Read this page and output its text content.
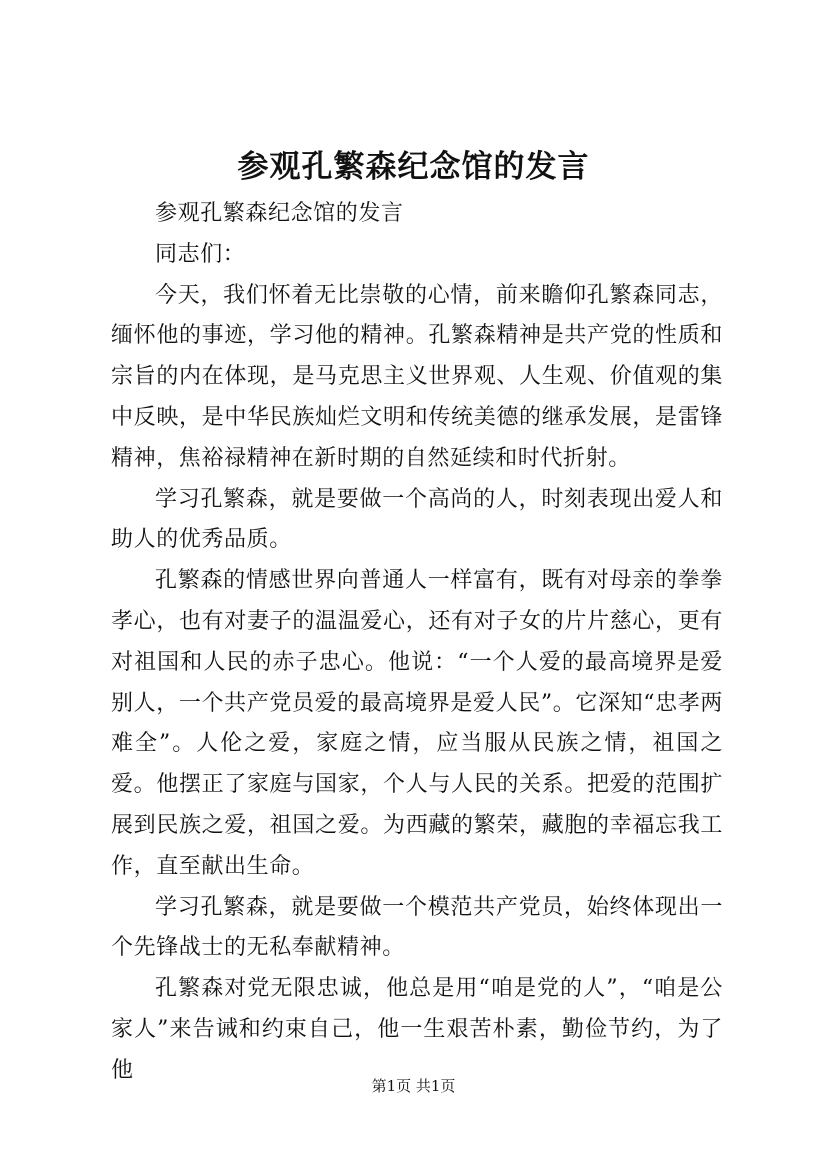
参观孔繁森纪念馆的发言

参观孔繁森纪念馆的发言

同志们：

今天，我们怀着无比崇敬的心情，前来瞻仰孔繁森同志，缅怀他的事迹，学习他的精神。孔繁森精神是共产党的性质和宗旨的内在体现，是马克思主义世界观、人生观、价值观的集中反映，是中华民族灿烂文明和传统美德的继承发展，是雷锋精神，焦裕禄精神在新时期的自然延续和时代折射。

学习孔繁森，就是要做一个高尚的人，时刻表现出爱人和助人的优秀品质。

孔繁森的情感世界向普通人一样富有，既有对母亲的拳拳孝心，也有对妻子的温温爱心，还有对子女的片片慈心，更有对祖国和人民的赤子忠心。他说：“一个人爱的最高境界是爱别人，一个共产党员爱的最高境界是爱人民”。它深知“忠孝两难全”。人伦之爱，家庭之情，应当服从民族之情，祖国之爱。他摆正了家庭与国家，个人与人民的关系。把爱的范围扩展到民族之爱，祖国之爱。为西藏的繁荣，藏胞的幸福忘我工作，直至献出生命。

学习孔繁森，就是要做一个模范共产党员，始终体现出一个先锋战士的无私奉献精神。

孔繁森对党无限忠诚，他总是用“咱是党的人”，“咱是公家人”来告诫和约束自己，他一生艰苦朴素，勤俭节约，为了他

第1页 共1页
